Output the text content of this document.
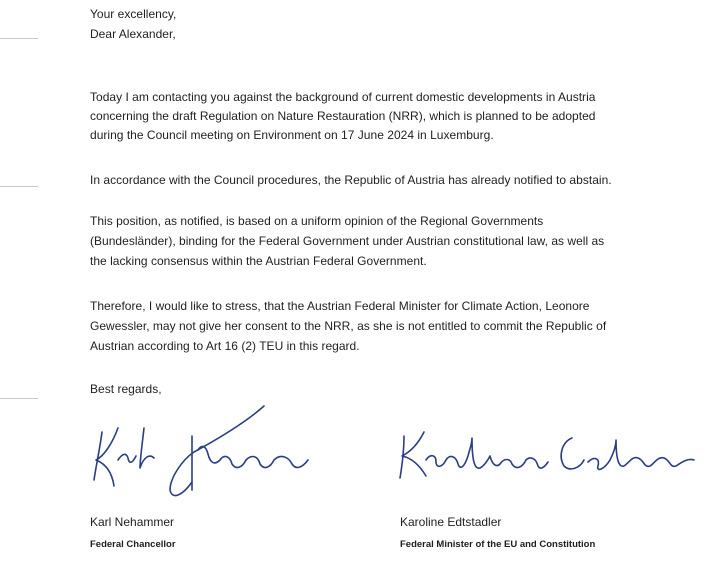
Your excellency,
Dear Alexander,
Today I am contacting you against the background of current domestic developments in Austria
concerning the draft Regulation on Nature Restauration (NRR), which is planned to be adopted
during the Council meeting on Environment on 17 June 2024 in Luxemburg.
In accordance with the Council procedures, the Republic of Austria has already notified to abstain.
This position, as notified, is based on a uniform opinion of the Regional Governments
(Bundesländer), binding for the Federal Government under Austrian constitutional law, as well as
the lacking consensus within the Austrian Federal Government.
Therefore, I would like to stress, that the Austrian Federal Minister for Climate Action, Leonore
Gewessler, may not give her consent to the NRR, as she is not entitled to commit the Republic of
Austrian according to Art 16 (2) TEU in this regard.
Best regards,
Karl Nehammer
Federal Chancellor
Karoline Edtstadler
Federal Minister of the EU and Constitution
